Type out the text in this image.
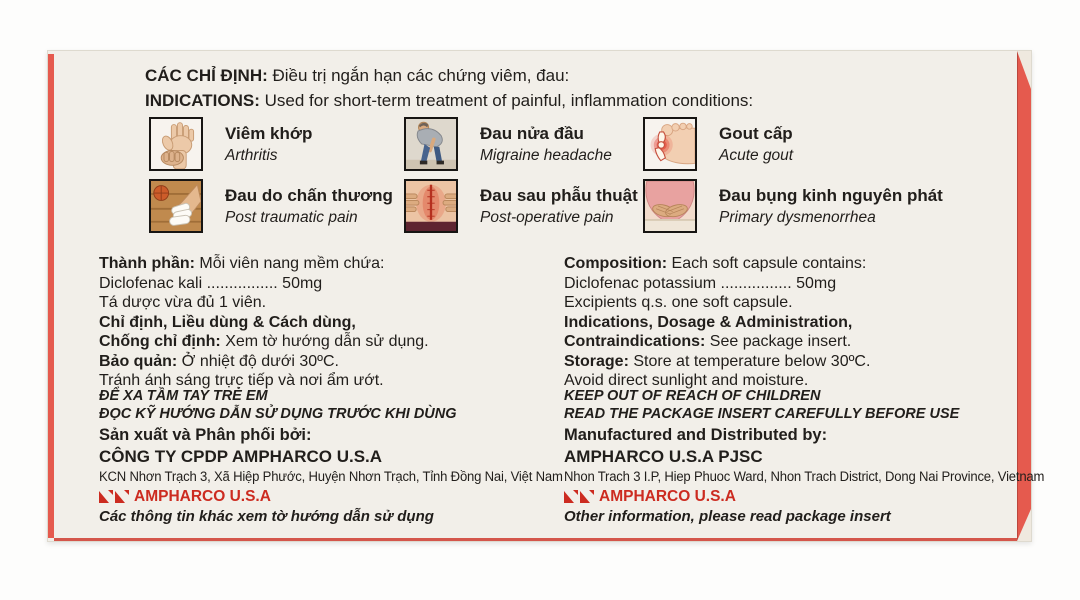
CÁC CHỈ ĐỊNH: Điều trị ngắn hạn các chứng viêm, đau:
INDICATIONS: Used for short-term treatment of painful, inflammation conditions:
Viêm khớp
Arthritis
Đau nửa đầu
Migraine headache
Gout cấp
Acute gout
Đau do chấn thương
Post traumatic pain
Đau sau phẫu thuật
Post-operative pain
Đau bụng kinh nguyên phát
Primary dysmenorrhea
Thành phần: Mỗi viên nang mềm chứa:
Diclofenac kali ................ 50mg
Tá dược vừa đủ 1 viên.
Chỉ định, Liều dùng & Cách dùng,
Chống chỉ định: Xem tờ hướng dẫn sử dụng.
Bảo quản: Ở nhiệt độ dưới 30ºC.
Tránh ánh sáng trực tiếp và nơi ẩm ướt.
Composition: Each soft capsule contains:
Diclofenac potassium ................ 50mg
Excipients q.s. one soft capsule.
Indications, Dosage & Administration,
Contraindications: See package insert.
Storage: Store at temperature below 30ºC.
Avoid direct sunlight and moisture.
ĐỂ XA TẦM TAY TRẺ EM
ĐỌC KỸ HƯỚNG DẪN SỬ DỤNG TRƯỚC KHI DÙNG
KEEP OUT OF REACH OF CHILDREN
READ THE PACKAGE INSERT CAREFULLY BEFORE USE
Sản xuất và Phân phối bởi:
CÔNG TY CPDP AMPHARCO U.S.A
KCN Nhơn Trạch 3, Xã Hiệp Phước, Huyện Nhơn Trạch, Tỉnh Đồng Nai, Việt Nam
Manufactured and Distributed by:
AMPHARCO U.S.A PJSC
Nhon Trach 3 I.P, Hiep Phuoc Ward, Nhon Trach District, Dong Nai Province, Vietnam
AMPHARCO U.S.A
Các thông tin khác xem tờ hướng dẫn sử dụng
AMPHARCO U.S.A
Other information, please read package insert
